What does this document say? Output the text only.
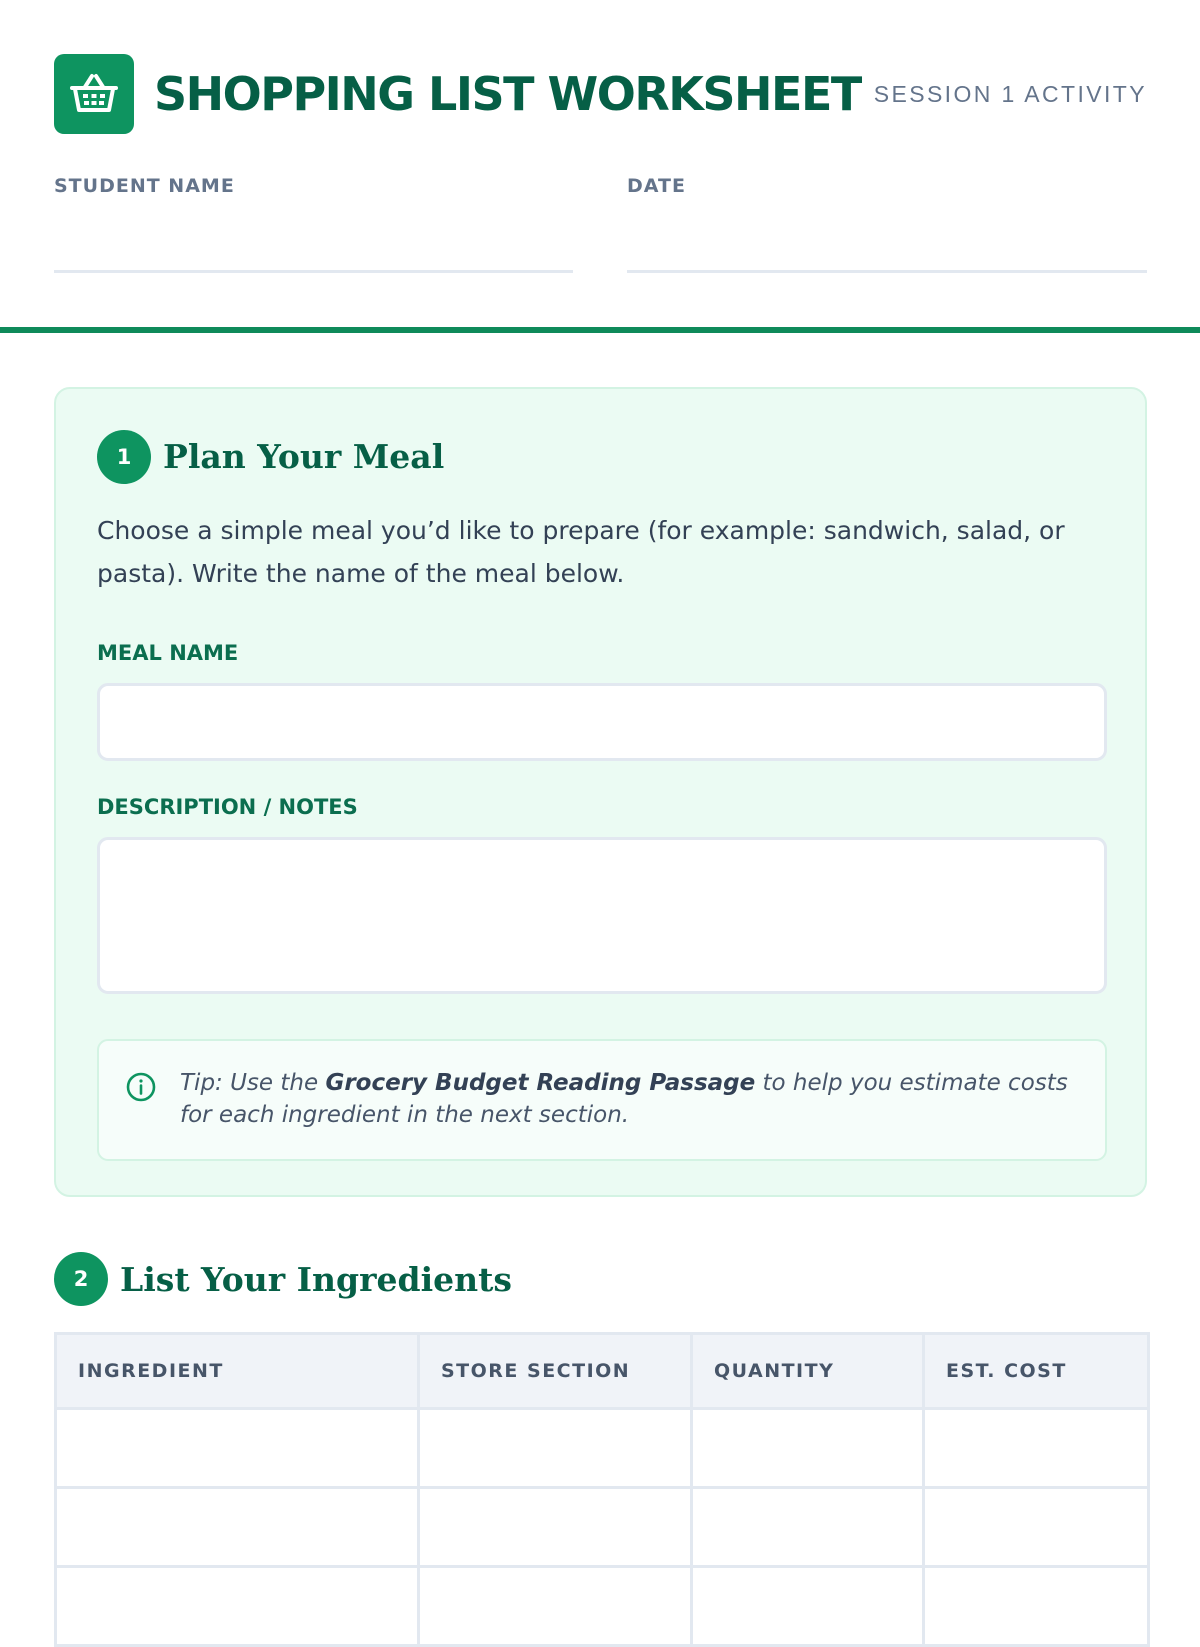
SHOPPING LIST WORKSHEET SESSION 1 ACTIVITY
STUDENT NAME	DATE
1 Plan Your Meal
Choose a simple meal you’d like to prepare (for example: sandwich, salad, or pasta). Write the name of the meal below.
MEAL NAME
DESCRIPTION / NOTES
Tip: Use the Grocery Budget Reading Passage to help you estimate costs for each ingredient in the next section.
2 List Your Ingredients
INGREDIENT	STORE SECTION	QUANTITY	EST. COST
